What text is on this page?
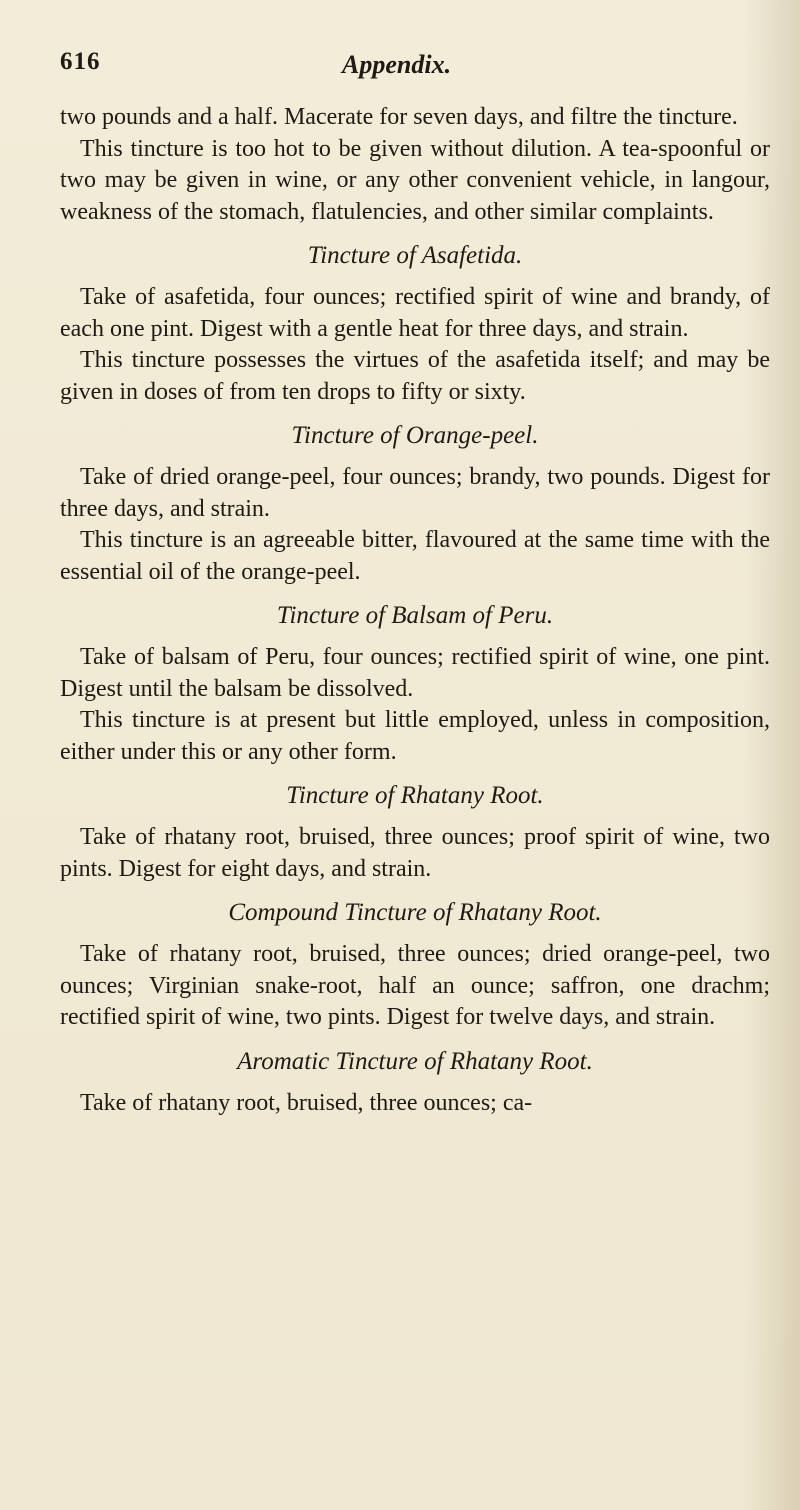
616	Appendix.

two pounds and a half. Macerate for seven days, and filtre the tincture.

This tincture is too hot to be given without dilution. A tea-spoonful or two may be given in wine, or any other convenient vehicle, in langour, weakness of the stomach, flatulencies, and other similar complaints.

Tincture of Asafetida.

Take of asafetida, four ounces; rectified spirit of wine and brandy, of each one pint. Digest with a gentle heat for three days, and strain.

This tincture possesses the virtues of the asafetida itself; and may be given in doses of from ten drops to fifty or sixty.

Tincture of Orange-peel.

Take of dried orange-peel, four ounces; brandy, two pounds. Digest for three days, and strain.

This tincture is an agreeable bitter, flavoured at the same time with the essential oil of the orange-peel.

Tincture of Balsam of Peru.

Take of balsam of Peru, four ounces; rectified spirit of wine, one pint. Digest until the balsam be dissolved.

This tincture is at present but little employed, unless in composition, either under this or any other form.

Tincture of Rhatany Root.

Take of rhatany root, bruised, three ounces; proof spirit of wine, two pints. Digest for eight days, and strain.

Compound Tincture of Rhatany Root.

Take of rhatany root, bruised, three ounces; dried orange-peel, two ounces; Virginian snake-root, half an ounce; saffron, one drachm; rectified spirit of wine, two pints. Digest for twelve days, and strain.

Aromatic Tincture of Rhatany Root.

Take of rhatany root, bruised, three ounces; ca-
